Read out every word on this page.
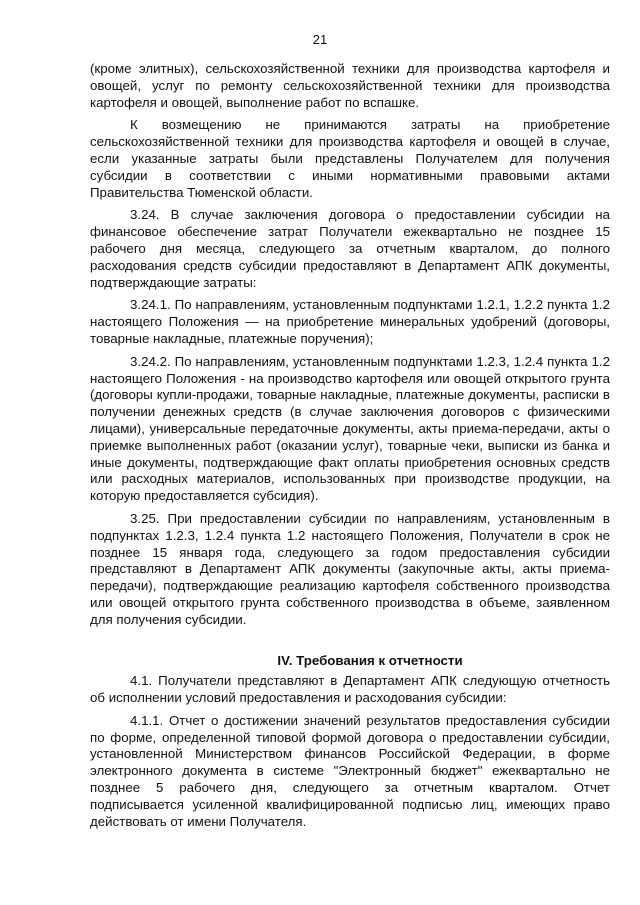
21

(кроме элитных), сельскохозяйственной техники для производства картофеля и овощей, услуг по ремонту сельскохозяйственной техники для производства картофеля и овощей, выполнение работ по вспашке.

К возмещению не принимаются затраты на приобретение сельскохозяйственной техники для производства картофеля и овощей в случае, если указанные затраты были представлены Получателем для получения субсидии в соответствии с иными нормативными правовыми актами Правительства Тюменской области.

3.24. В случае заключения договора о предоставлении субсидии на финансовое обеспечение затрат Получатели ежеквартально не позднее 15 рабочего дня месяца, следующего за отчетным кварталом, до полного расходования средств субсидии предоставляют в Департамент АПК документы, подтверждающие затраты:

3.24.1. По направлениям, установленным подпунктами 1.2.1, 1.2.2 пункта 1.2 настоящего Положения — на приобретение минеральных удобрений (договоры, товарные накладные, платежные поручения);

3.24.2. По направлениям, установленным подпунктами 1.2.3, 1.2.4 пункта 1.2 настоящего Положения - на производство картофеля или овощей открытого грунта (договоры купли-продажи, товарные накладные, платежные документы, расписки в получении денежных средств (в случае заключения договоров с физическими лицами), универсальные передаточные документы, акты приема-передачи, акты о приемке выполненных работ (оказании услуг), товарные чеки, выписки из банка и иные документы, подтверждающие факт оплаты приобретения основных средств или расходных материалов, использованных при производстве продукции, на которую предоставляется субсидия).

3.25. При предоставлении субсидии по направлениям, установленным в подпунктах 1.2.3, 1.2.4 пункта 1.2 настоящего Положения, Получатели в срок не позднее 15 января года, следующего за годом предоставления субсидии представляют в Департамент АПК документы (закупочные акты, акты приема-передачи), подтверждающие реализацию картофеля собственного производства или овощей открытого грунта собственного производства в объеме, заявленном для получения субсидии.

IV. Требования к отчетности

4.1. Получатели представляют в Департамент АПК следующую отчетность об исполнении условий предоставления и расходования субсидии:

4.1.1. Отчет о достижении значений результатов предоставления субсидии по форме, определенной типовой формой договора о предоставлении субсидии, установленной Министерством финансов Российской Федерации, в форме электронного документа в системе "Электронный бюджет" ежеквартально не позднее 5 рабочего дня, следующего за отчетным кварталом. Отчет подписывается усиленной квалифицированной подписью лиц, имеющих право действовать от имени Получателя.
